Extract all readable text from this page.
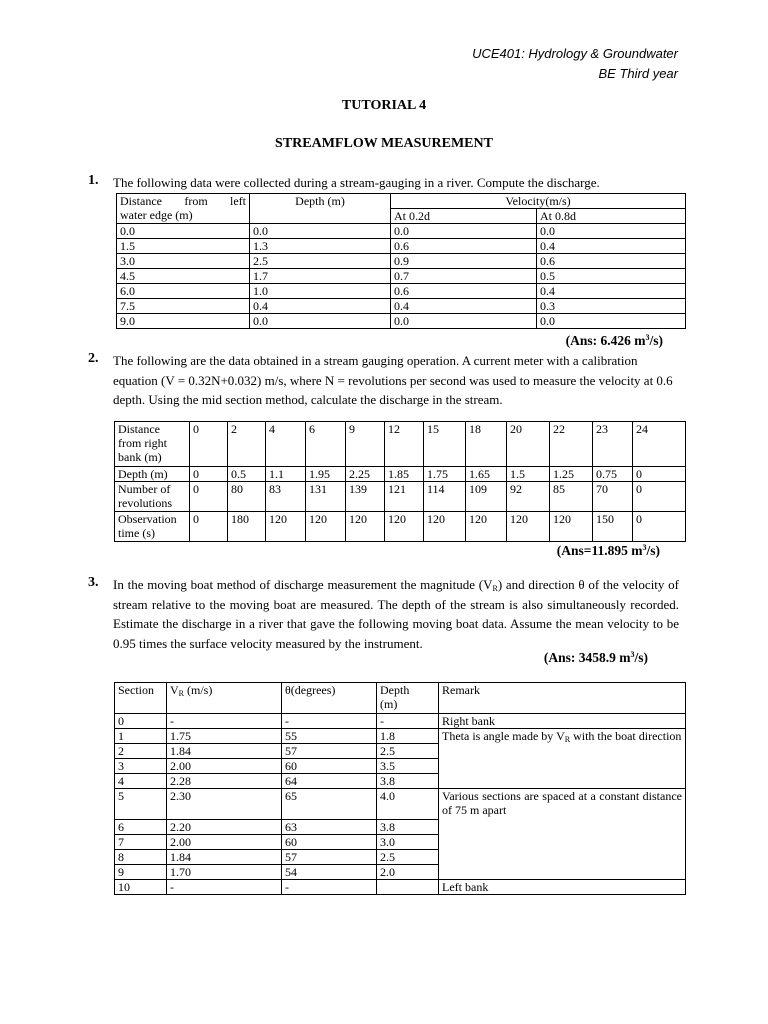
UCE401: Hydrology & Groundwater
BE Third year
TUTORIAL 4
STREAMFLOW MEASUREMENT
1. The following data were collected during a stream-gauging in a river. Compute the discharge.
Distance from left
water edge (m)	Depth (m)	Velocity(m/s)	
		At 0.2d	At 0.8d
0.0	0.0	0.0	0.0
1.5	1.3	0.6	0.4
3.0	2.5	0.9	0.6
4.5	1.7	0.7	0.5
6.0	1.0	0.6	0.4
7.5	0.4	0.4	0.3
9.0	0.0	0.0	0.0
(Ans: 6.426 $m^3/s$)
2. The following are the data obtained in a stream gauging operation. A current meter with a calibration equation (V = 0.32N+0.032) m/s, where N = revolutions per second was used to measure the velocity at 0.6 depth. Using the mid section method, calculate the discharge in the stream.
Distance from right bank (m)	0	2	4	6	9	12	15	18	20	22	23	24
Depth (m)	0	0.5	1.1	1.95	2.25	1.85	1.75	1.65	1.5	1.25	0.75	0
Number of revolutions	0	80	83	131	139	121	114	109	92	85	70	0
Observation time (s)	0	180	120	120	120	120	120	120	120	120	150	0
(Ans=11.895 $m^3/s$)
3. In the moving boat method of discharge measurement the magnitude $(V_R)$ and direction θ of the velocity of stream relative to the moving boat are measured. The depth of the stream is also simultaneously recorded. Estimate the discharge in a river that gave the following moving boat data. Assume the mean velocity to be 0.95 times the surface velocity measured by the instrument.
(Ans: 3458.9 $m^3/s$)
Section	$V_R$ (m/s)	θ(degrees)	Depth
(m)	Remark
0	-	-	-	Right bank
1	1.75	55	1.8	Theta is angle made by $V_R$ with the boat direction
2	1.84	57	2.5	
3	2.00	60	3.5	
4	2.28	64	3.8	
5	2.30	65	4.0	Various sections are spaced at a constant distance of 75 m apart

6	2.20	63	3.8	
7	2.00	60	3.0	
8	1.84	57	2.5	
9	1.70	54	2.0	
10	-	-		Left bank
